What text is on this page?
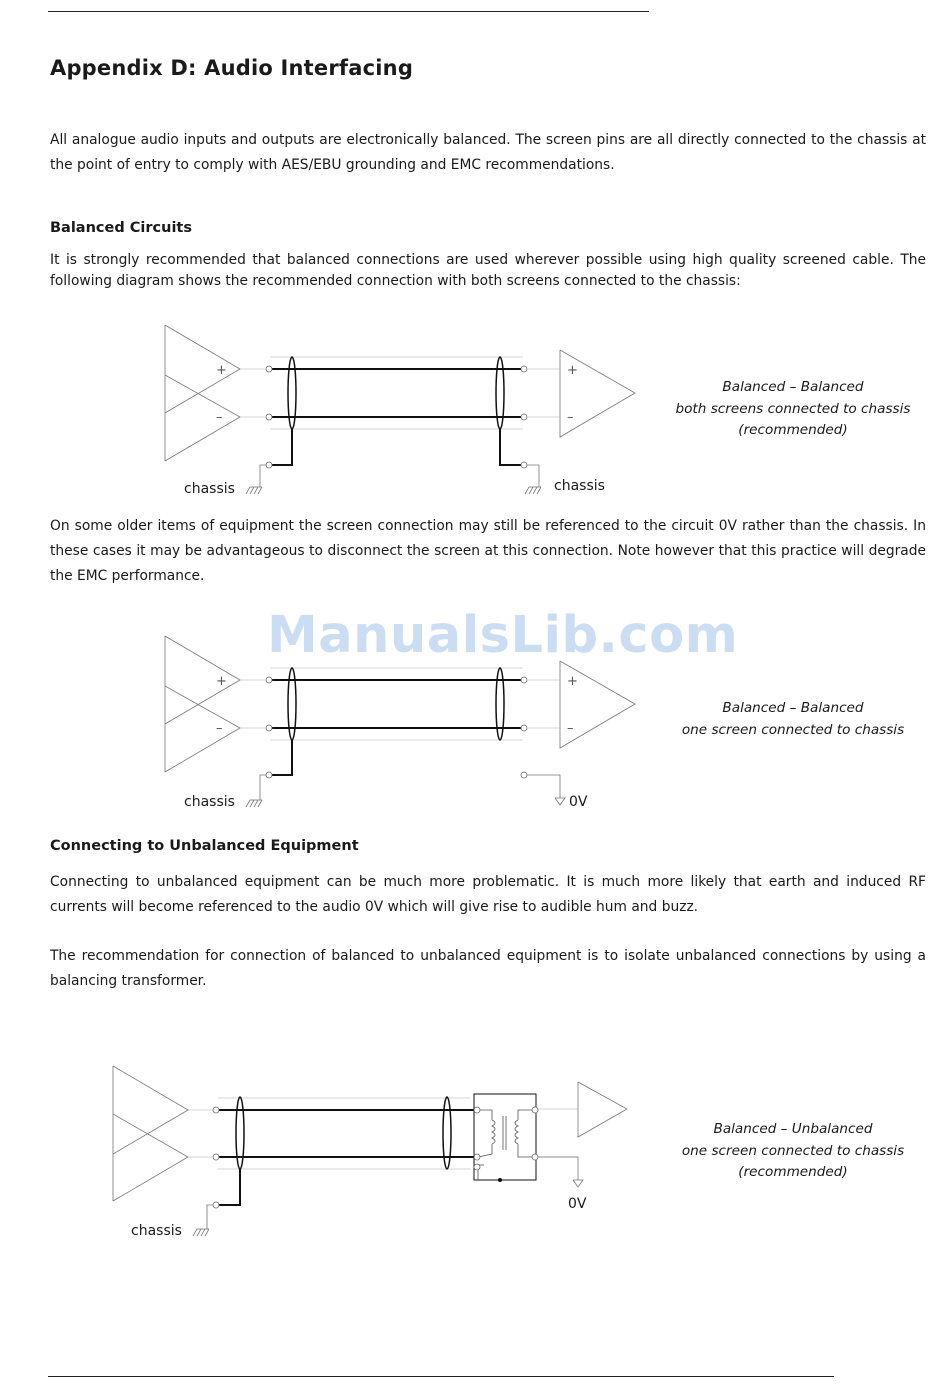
Appendix D: Audio Interfacing

All analogue audio inputs and outputs are electronically balanced. The screen pins are all directly connected to the chassis at the point of entry to comply with AES/EBU grounding and EMC recommendations.

Balanced Circuits

It is strongly recommended that balanced connections are used wherever possible using high quality screened cable. The following diagram shows the recommended connection with both screens connected to the chassis:

+
–
+
–
chassis	chassis
Balanced – Balanced
both screens connected to chassis
(recommended)

On some older items of equipment the screen connection may still be referenced to the circuit 0V rather than the chassis. In these cases it may be advantageous to disconnect the screen at this connection. Note however that this practice will degrade the EMC performance.

+
–
+
–
chassis	0V
Balanced – Balanced
one screen connected to chassis
ManualsLib.com
Connecting to Unbalanced Equipment

Connecting to unbalanced equipment can be much more problematic. It is much more likely that earth and induced RF currents will become referenced to the audio 0V which will give rise to audible hum and buzz.

The recommendation for connection of balanced to unbalanced equipment is to isolate unbalanced connections by using a balancing transformer.

chassis
0V
Balanced – Unbalanced
one screen connected to chassis
(recommended)
